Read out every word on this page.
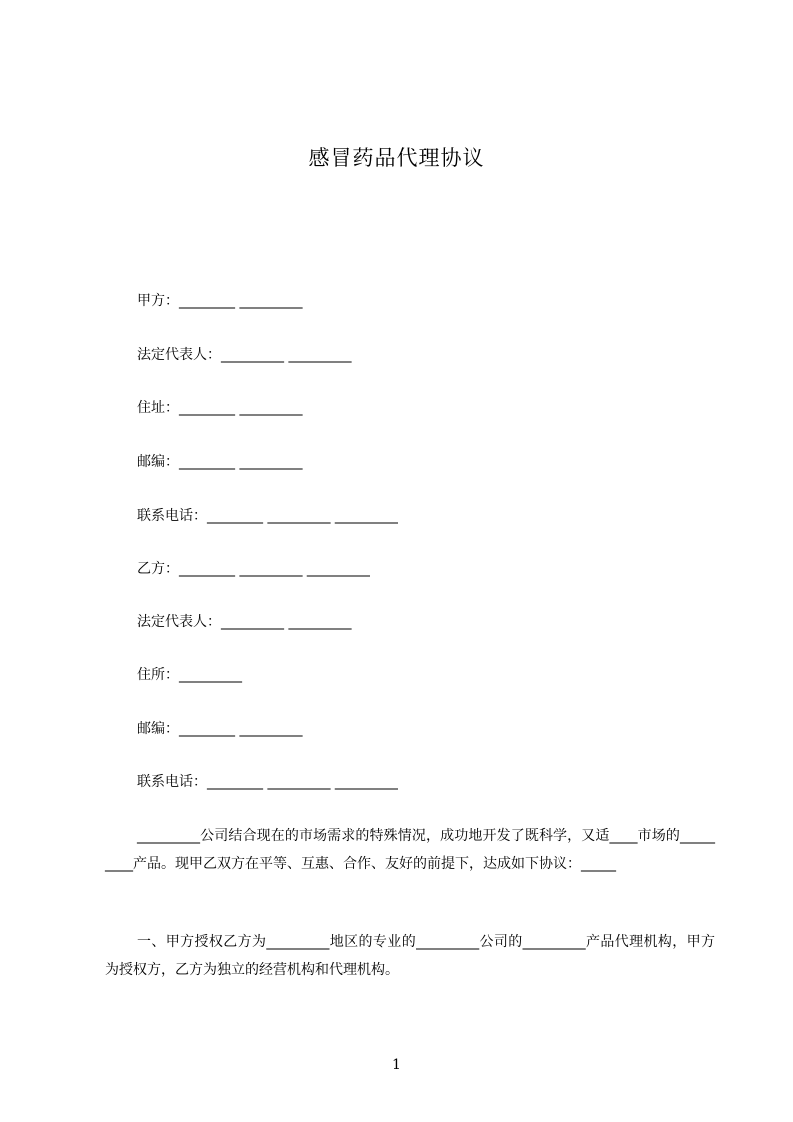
感冒药品代理协议
甲方：________ _________
法定代表人：_________ _________
住址：________ _________
邮编：________ _________
联系电话：________ _________ _________
乙方：________ _________ _________
法定代表人：_________ _________
住所：_________
邮编：________ _________
联系电话：________ _________ _________

_________公司结合现在的市场需求的特殊情况，成功地开发了既科学，又适____市场的_________产品。现甲乙双方在平等、互惠、合作、友好的前提下，达成如下协议：_____

一、甲方授权乙方为_________地区的专业的_________公司的_________产品代理机构，甲方为授权方，乙方为独立的经营机构和代理机构。

1
